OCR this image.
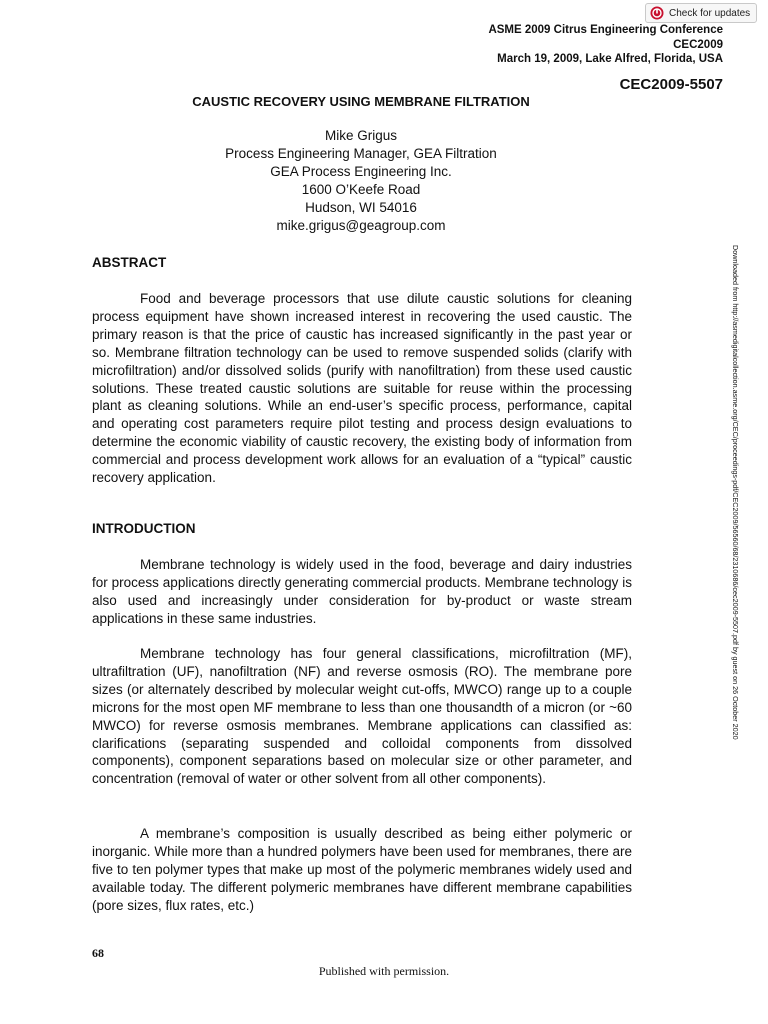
Check for updates
ASME 2009 Citrus Engineering Conference
CEC2009
March 19, 2009, Lake Alfred, Florida, USA
CEC2009-5507
CAUSTIC RECOVERY USING MEMBRANE FILTRATION
Mike Grigus
Process Engineering Manager, GEA Filtration
GEA Process Engineering Inc.
1600 O’Keefe Road
Hudson, WI 54016
mike.grigus@geagroup.com
ABSTRACT

Food and beverage processors that use dilute caustic solutions for cleaning process equipment have shown increased interest in recovering the used caustic. The primary reason is that the price of caustic has increased significantly in the past year or so. Membrane filtration technology can be used to remove suspended solids (clarify with microfiltration) and/or dissolved solids (purify with nanofiltration) from these used caustic solutions. These treated caustic solutions are suitable for reuse within the processing plant as cleaning solutions. While an end-user’s specific process, performance, capital and operating cost parameters require pilot testing and process design evaluations to determine the economic viability of caustic recovery, the existing body of information from commercial and process development work allows for an evaluation of a “typical” caustic recovery application.

INTRODUCTION

Membrane technology is widely used in the food, beverage and dairy industries for process applications directly generating commercial products. Membrane technology is also used and increasingly under consideration for by-product or waste stream applications in these same industries.

Membrane technology has four general classifications, microfiltration (MF), ultrafiltration (UF), nanofiltration (NF) and reverse osmosis (RO). The membrane pore sizes (or alternately described by molecular weight cut-offs, MWCO) range up to a couple microns for the most open MF membrane to less than one thousandth of a micron (or ~60 MWCO) for reverse osmosis membranes. Membrane applications can classified as: clarifications (separating suspended and colloidal components from dissolved components), component separations based on molecular size or other parameter, and concentration (removal of water or other solvent from all other components).

A membrane’s composition is usually described as being either polymeric or inorganic. While more than a hundred polymers have been used for membranes, there are five to ten polymer types that make up most of the polymeric membranes widely used and available today. The different polymeric membranes have different membrane capabilities (pore sizes, flux rates, etc.)

68
Published with permission.
Downloaded from http://asmedigitalcollection.asme.org/CEC/proceedings-pdf/CEC2009/56560/68/2310686/cec2009-5507.pdf by guest on 26 October 2020
